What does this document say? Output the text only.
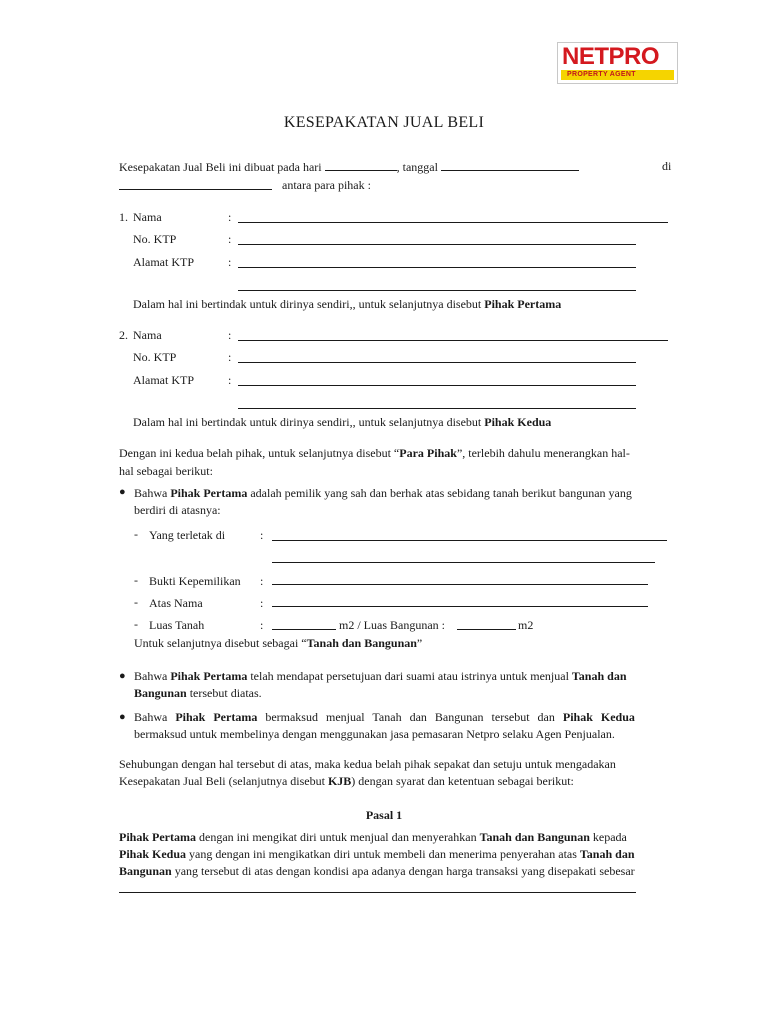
NETPRO
PROPERTY AGENT
KESEPAKATAN JUAL BELI
Kesepakatan Jual Beli ini dibuat pada hari	, tanggal	di
antara para pihak :
1. Nama	:
No. KTP	:
Alamat KTP	:
Dalam hal ini bertindak untuk dirinya sendiri,, untuk selanjutnya disebut Pihak Pertama
2. Nama	:
No. KTP	:
Alamat KTP	:
Dalam hal ini bertindak untuk dirinya sendiri,, untuk selanjutnya disebut Pihak Kedua
Dengan ini kedua belah pihak, untuk selanjutnya disebut “Para Pihak”, terlebih dahulu menerangkan hal-
hal sebagai berikut:
● Bahwa Pihak Pertama adalah pemilik yang sah dan berhak atas sebidang tanah berikut bangunan yang
berdiri di atasnya:
- Yang terletak di	:
- Bukti Kepemilikan :
- Atas Nama	:
- Luas Tanah	:	m2 / Luas Bangunan :	m2
Untuk selanjutnya disebut sebagai “Tanah dan Bangunan”
● Bahwa Pihak Pertama telah mendapat persetujuan dari suami atau istrinya untuk menjual Tanah dan
Bangunan tersebut diatas.
● Bahwa Pihak Pertama bermaksud menjual Tanah dan Bangunan tersebut dan Pihak Kedua
bermaksud untuk membelinya dengan menggunakan jasa pemasaran Netpro selaku Agen Penjualan.
Sehubungan dengan hal tersebut di atas, maka kedua belah pihak sepakat dan setuju untuk mengadakan
Kesepakatan Jual Beli (selanjutnya disebut KJB) dengan syarat dan ketentuan sebagai berikut:
Pasal 1
Pihak Pertama dengan ini mengikat diri untuk menjual dan menyerahkan Tanah dan Bangunan kepada
Pihak Kedua yang dengan ini mengikatkan diri untuk membeli dan menerima penyerahan atas Tanah dan
Bangunan yang tersebut di atas dengan kondisi apa adanya dengan harga transaksi yang disepakati sebesar
